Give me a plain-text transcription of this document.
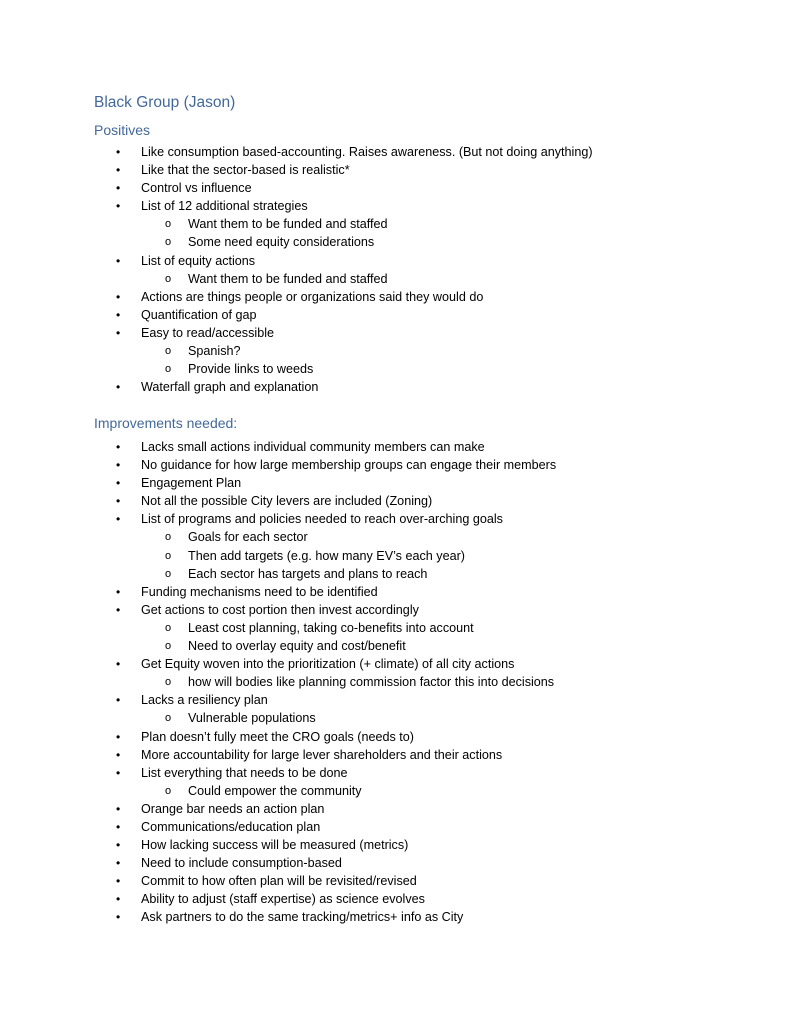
Black Group (Jason)
Positives
• Like consumption based-accounting. Raises awareness. (But not doing anything)
• Like that the sector-based is realistic*
• Control vs influence
• List of 12 additional strategies
o Want them to be funded and staffed
o Some need equity considerations
• List of equity actions
o Want them to be funded and staffed
• Actions are things people or organizations said they would do
• Quantification of gap
• Easy to read/accessible
o Spanish?
o Provide links to weeds
• Waterfall graph and explanation
Improvements needed:
• Lacks small actions individual community members can make
• No guidance for how large membership groups can engage their members
• Engagement Plan
• Not all the possible City levers are included (Zoning)
• List of programs and policies needed to reach over-arching goals
o Goals for each sector
o Then add targets (e.g. how many EV’s each year)
o Each sector has targets and plans to reach
• Funding mechanisms need to be identified
• Get actions to cost portion then invest accordingly
o Least cost planning, taking co-benefits into account
o Need to overlay equity and cost/benefit
• Get Equity woven into the prioritization (+ climate) of all city actions
o how will bodies like planning commission factor this into decisions
• Lacks a resiliency plan
o Vulnerable populations
• Plan doesn’t fully meet the CRO goals (needs to)
• More accountability for large lever shareholders and their actions
• List everything that needs to be done
o Could empower the community
• Orange bar needs an action plan
• Communications/education plan
• How lacking success will be measured (metrics)
• Need to include consumption-based
• Commit to how often plan will be revisited/revised
• Ability to adjust (staff expertise) as science evolves
• Ask partners to do the same tracking/metrics+ info as City
